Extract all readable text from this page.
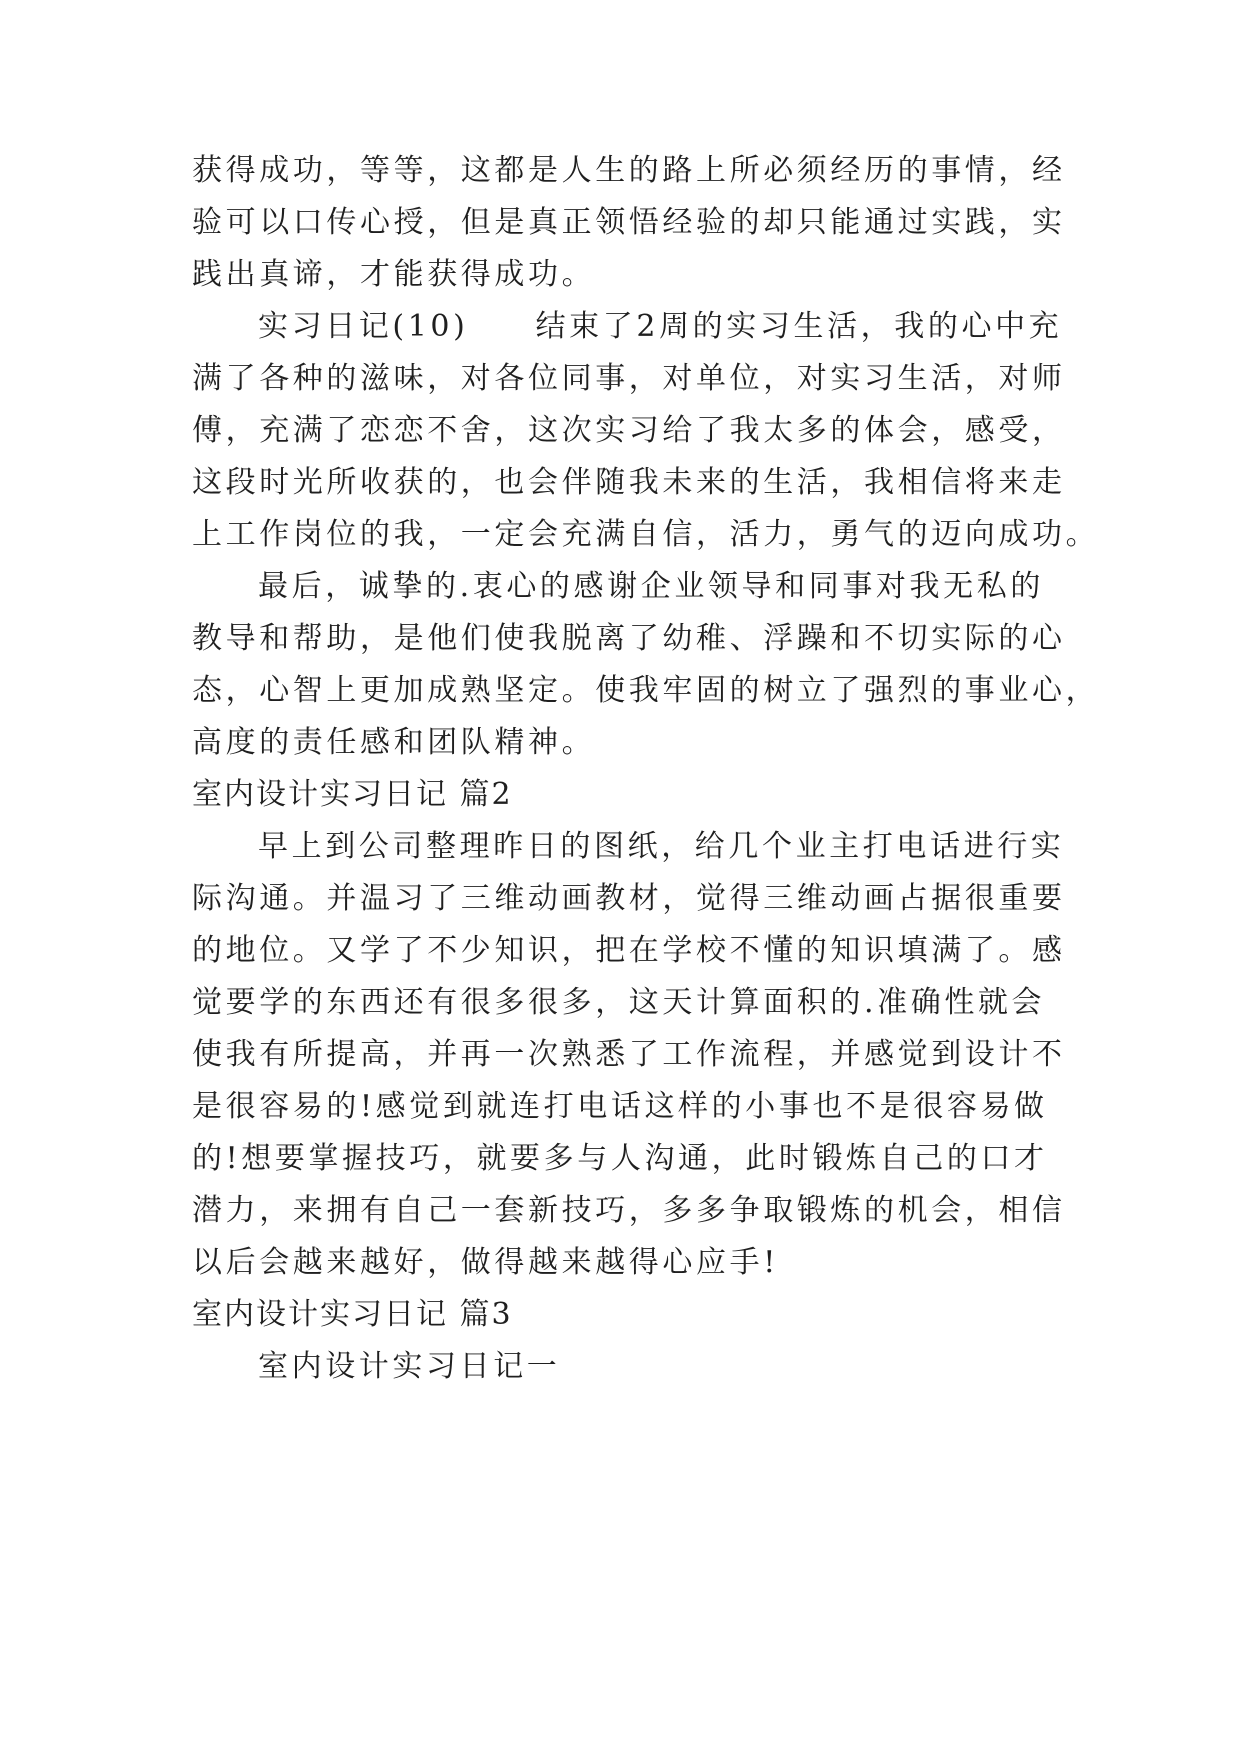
获得成功，等等，这都是人生的路上所必须经历的事情，经
验可以口传心授，但是真正领悟经验的却只能通过实践，实
践出真谛，才能获得成功。
实习日记(10)　　结束了2周的实习生活，我的心中充
满了各种的滋味，对各位同事，对单位，对实习生活，对师
傅，充满了恋恋不舍，这次实习给了我太多的体会，感受，
这段时光所收获的，也会伴随我未来的生活，我相信将来走
上工作岗位的我，一定会充满自信，活力，勇气的迈向成功。
最后，诚挚的.衷心的感谢企业领导和同事对我无私的
教导和帮助，是他们使我脱离了幼稚、浮躁和不切实际的心
态，心智上更加成熟坚定。使我牢固的树立了强烈的事业心，
高度的责任感和团队精神。
室内设计实习日记 篇2
早上到公司整理昨日的图纸，给几个业主打电话进行实
际沟通。并温习了三维动画教材，觉得三维动画占据很重要
的地位。又学了不少知识，把在学校不懂的知识填满了。感
觉要学的东西还有很多很多，这天计算面积的.准确性就会
使我有所提高，并再一次熟悉了工作流程，并感觉到设计不
是很容易的!感觉到就连打电话这样的小事也不是很容易做
的!想要掌握技巧，就要多与人沟通，此时锻炼自己的口才
潜力，来拥有自己一套新技巧，多多争取锻炼的机会，相信
以后会越来越好，做得越来越得心应手!
室内设计实习日记 篇3
室内设计实习日记一
